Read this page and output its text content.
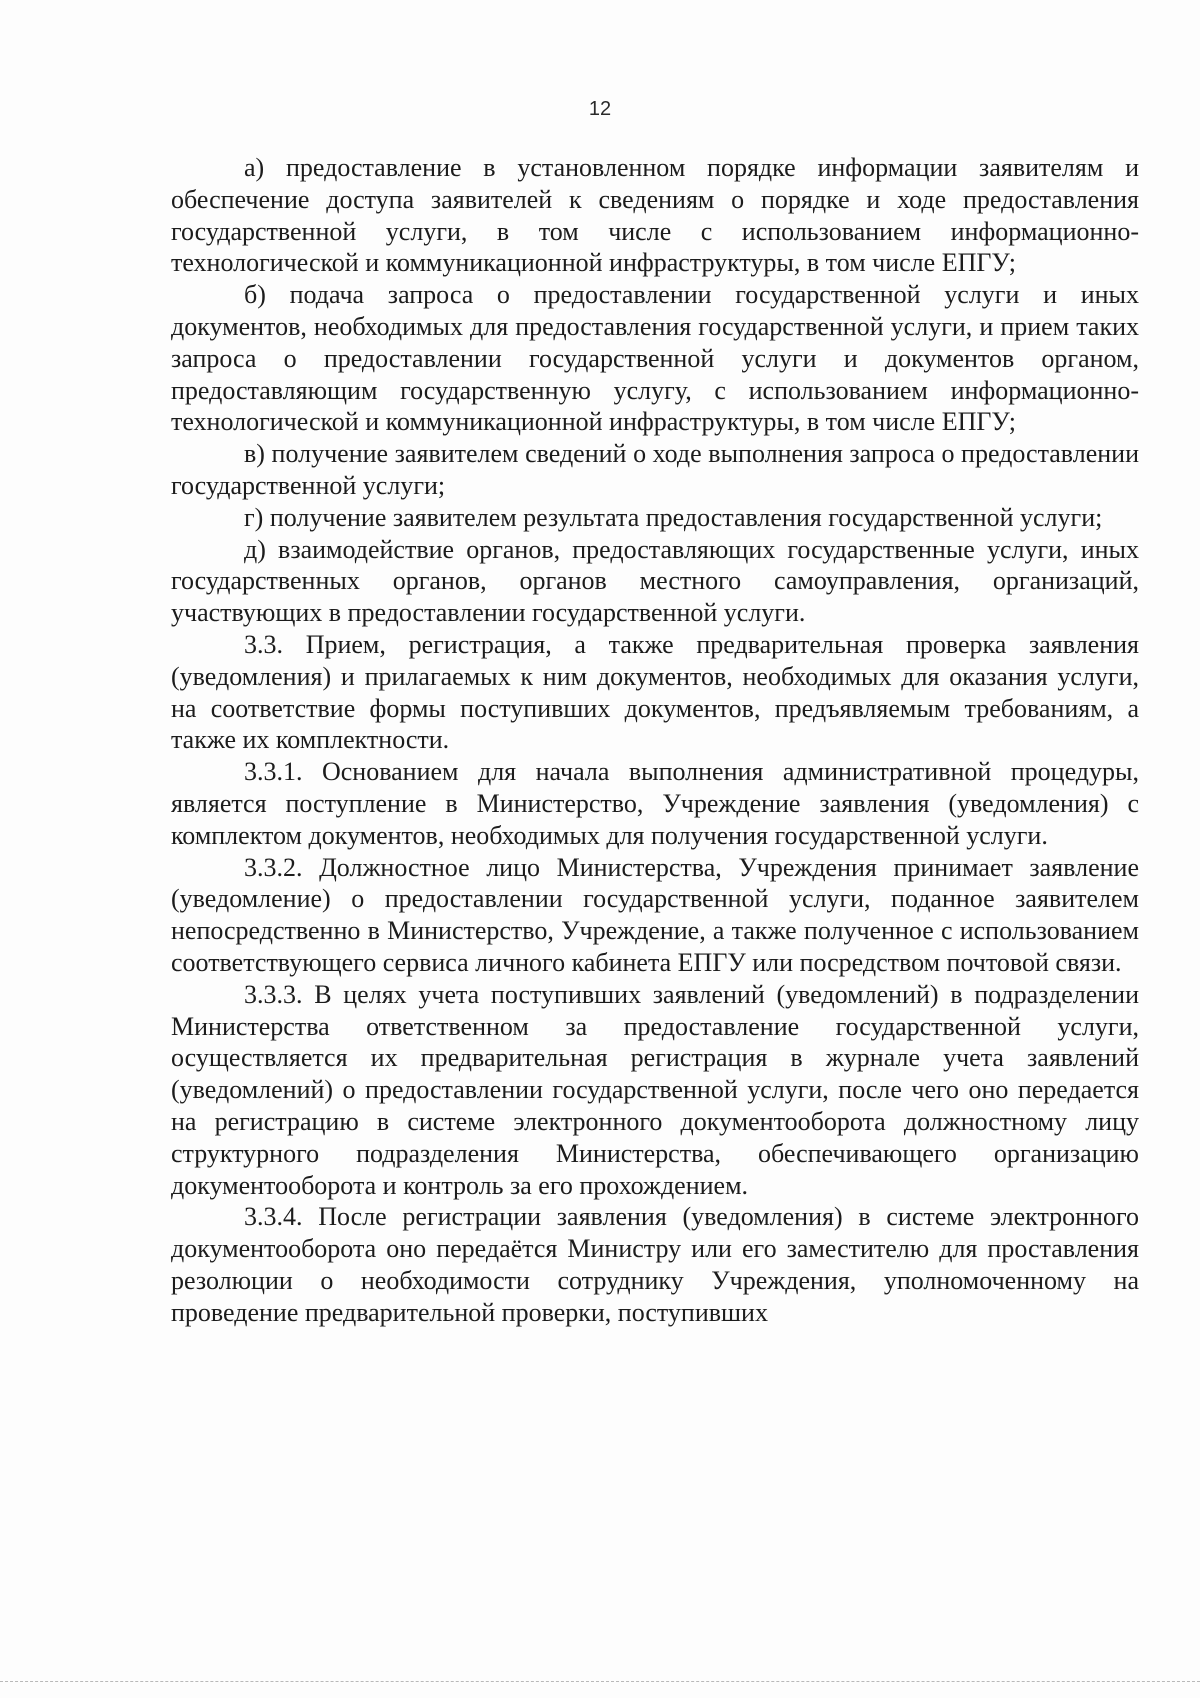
12

а) предоставление в установленном порядке информации заявителям и обеспечение доступа заявителей к сведениям о порядке и ходе предоставления государственной услуги, в том числе с использованием информационно-технологической и коммуникационной инфраструктуры, в том числе ЕПГУ;

б) подача запроса о предоставлении государственной услуги и иных документов, необходимых для предоставления государственной услуги, и прием таких запроса о предоставлении государственной услуги и документов органом, предоставляющим государственную услугу, с использованием информационно-технологической и коммуникационной инфраструктуры, в том числе ЕПГУ;

в) получение заявителем сведений о ходе выполнения запроса о предоставлении государственной услуги;

г) получение заявителем результата предоставления государственной услуги;

д) взаимодействие органов, предоставляющих государственные услуги, иных государственных органов, органов местного самоуправления, организаций, участвующих в предоставлении государственной услуги.

3.3. Прием, регистрация, а также предварительная проверка заявления (уведомления) и прилагаемых к ним документов, необходимых для оказания услуги, на соответствие формы поступивших документов, предъявляемым требованиям, а также их комплектности.

3.3.1. Основанием для начала выполнения административной процедуры, является поступление в Министерство, Учреждение заявления (уведомления) с комплектом документов, необходимых для получения государственной услуги.

3.3.2. Должностное лицо Министерства, Учреждения принимает заявление (уведомление) о предоставлении государственной услуги, поданное заявителем непосредственно в Министерство, Учреждение, а также полученное с использованием соответствующего сервиса личного кабинета ЕПГУ или посредством почтовой связи.

3.3.3. В целях учета поступивших заявлений (уведомлений) в подразделении Министерства ответственном за предоставление государственной услуги, осуществляется их предварительная регистрация в журнале учета заявлений (уведомлений) о предоставлении государственной услуги, после чего оно передается на регистрацию в системе электронного документооборота должностному лицу структурного подразделения Министерства, обеспечивающего организацию документооборота и контроль за его прохождением.

3.3.4. После регистрации заявления (уведомления) в системе электронного документооборота оно передаётся Министру или его заместителю для проставления резолюции о необходимости сотруднику Учреждения, уполномоченному на проведение предварительной проверки, поступивших
